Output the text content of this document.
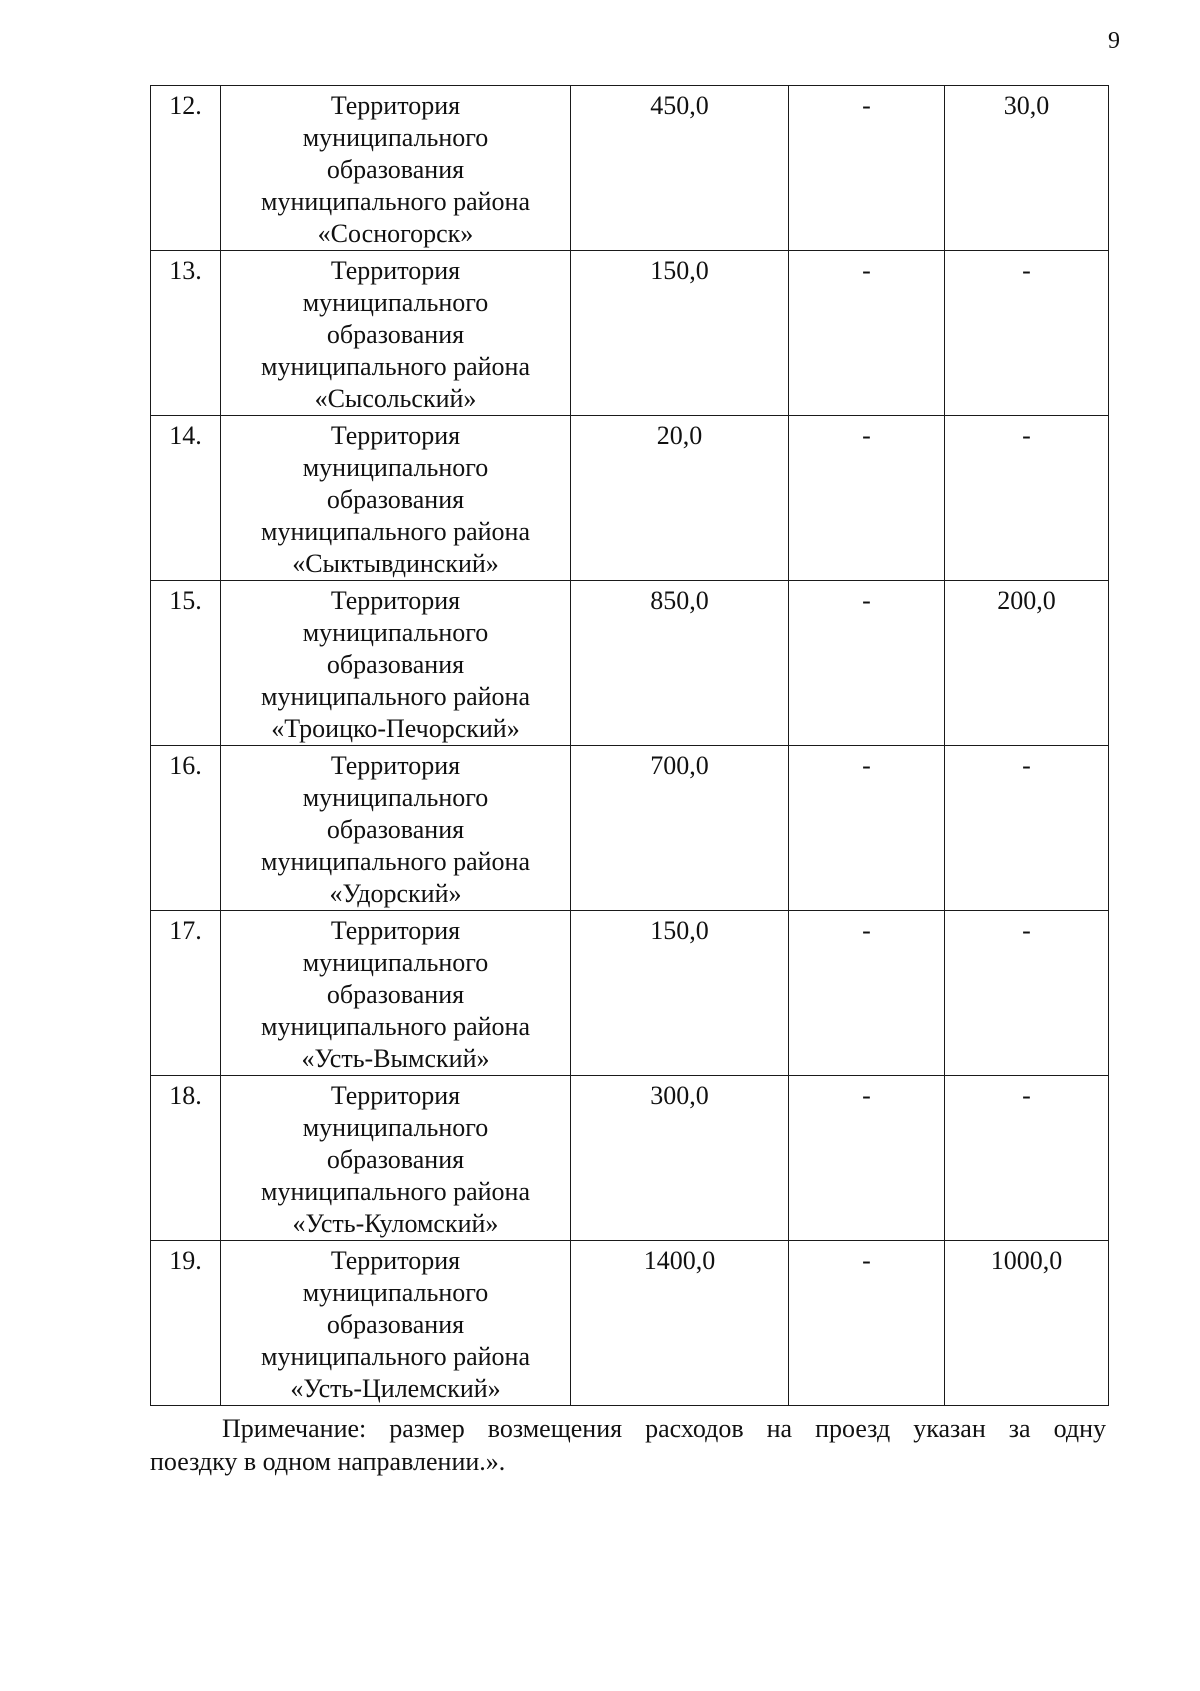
9
12.	Территория
муниципального
образования
муниципального района
«Сосногорск»	450,0	-	30,0
13.	Территория
муниципального
образования
муниципального района
«Сысольский»	150,0	-	-
14.	Территория
муниципального
образования
муниципального района
«Сыктывдинский»	20,0	-	-
15.	Территория
муниципального
образования
муниципального района
«Троицко-Печорский»	850,0	-	200,0
16.	Территория
муниципального
образования
муниципального района
«Удорский»	700,0	-	-
17.	Территория
муниципального
образования
муниципального района
«Усть-Вымский»	150,0	-	-
18.	Территория
муниципального
образования
муниципального района
«Усть-Куломский»	300,0	-	-
19.	Территория
муниципального
образования
муниципального района
«Усть-Цилемский»	1400,0	-	1000,0
Примечание: размер возмещения расходов на проезд указан за одну
поездку в одном направлении.».
